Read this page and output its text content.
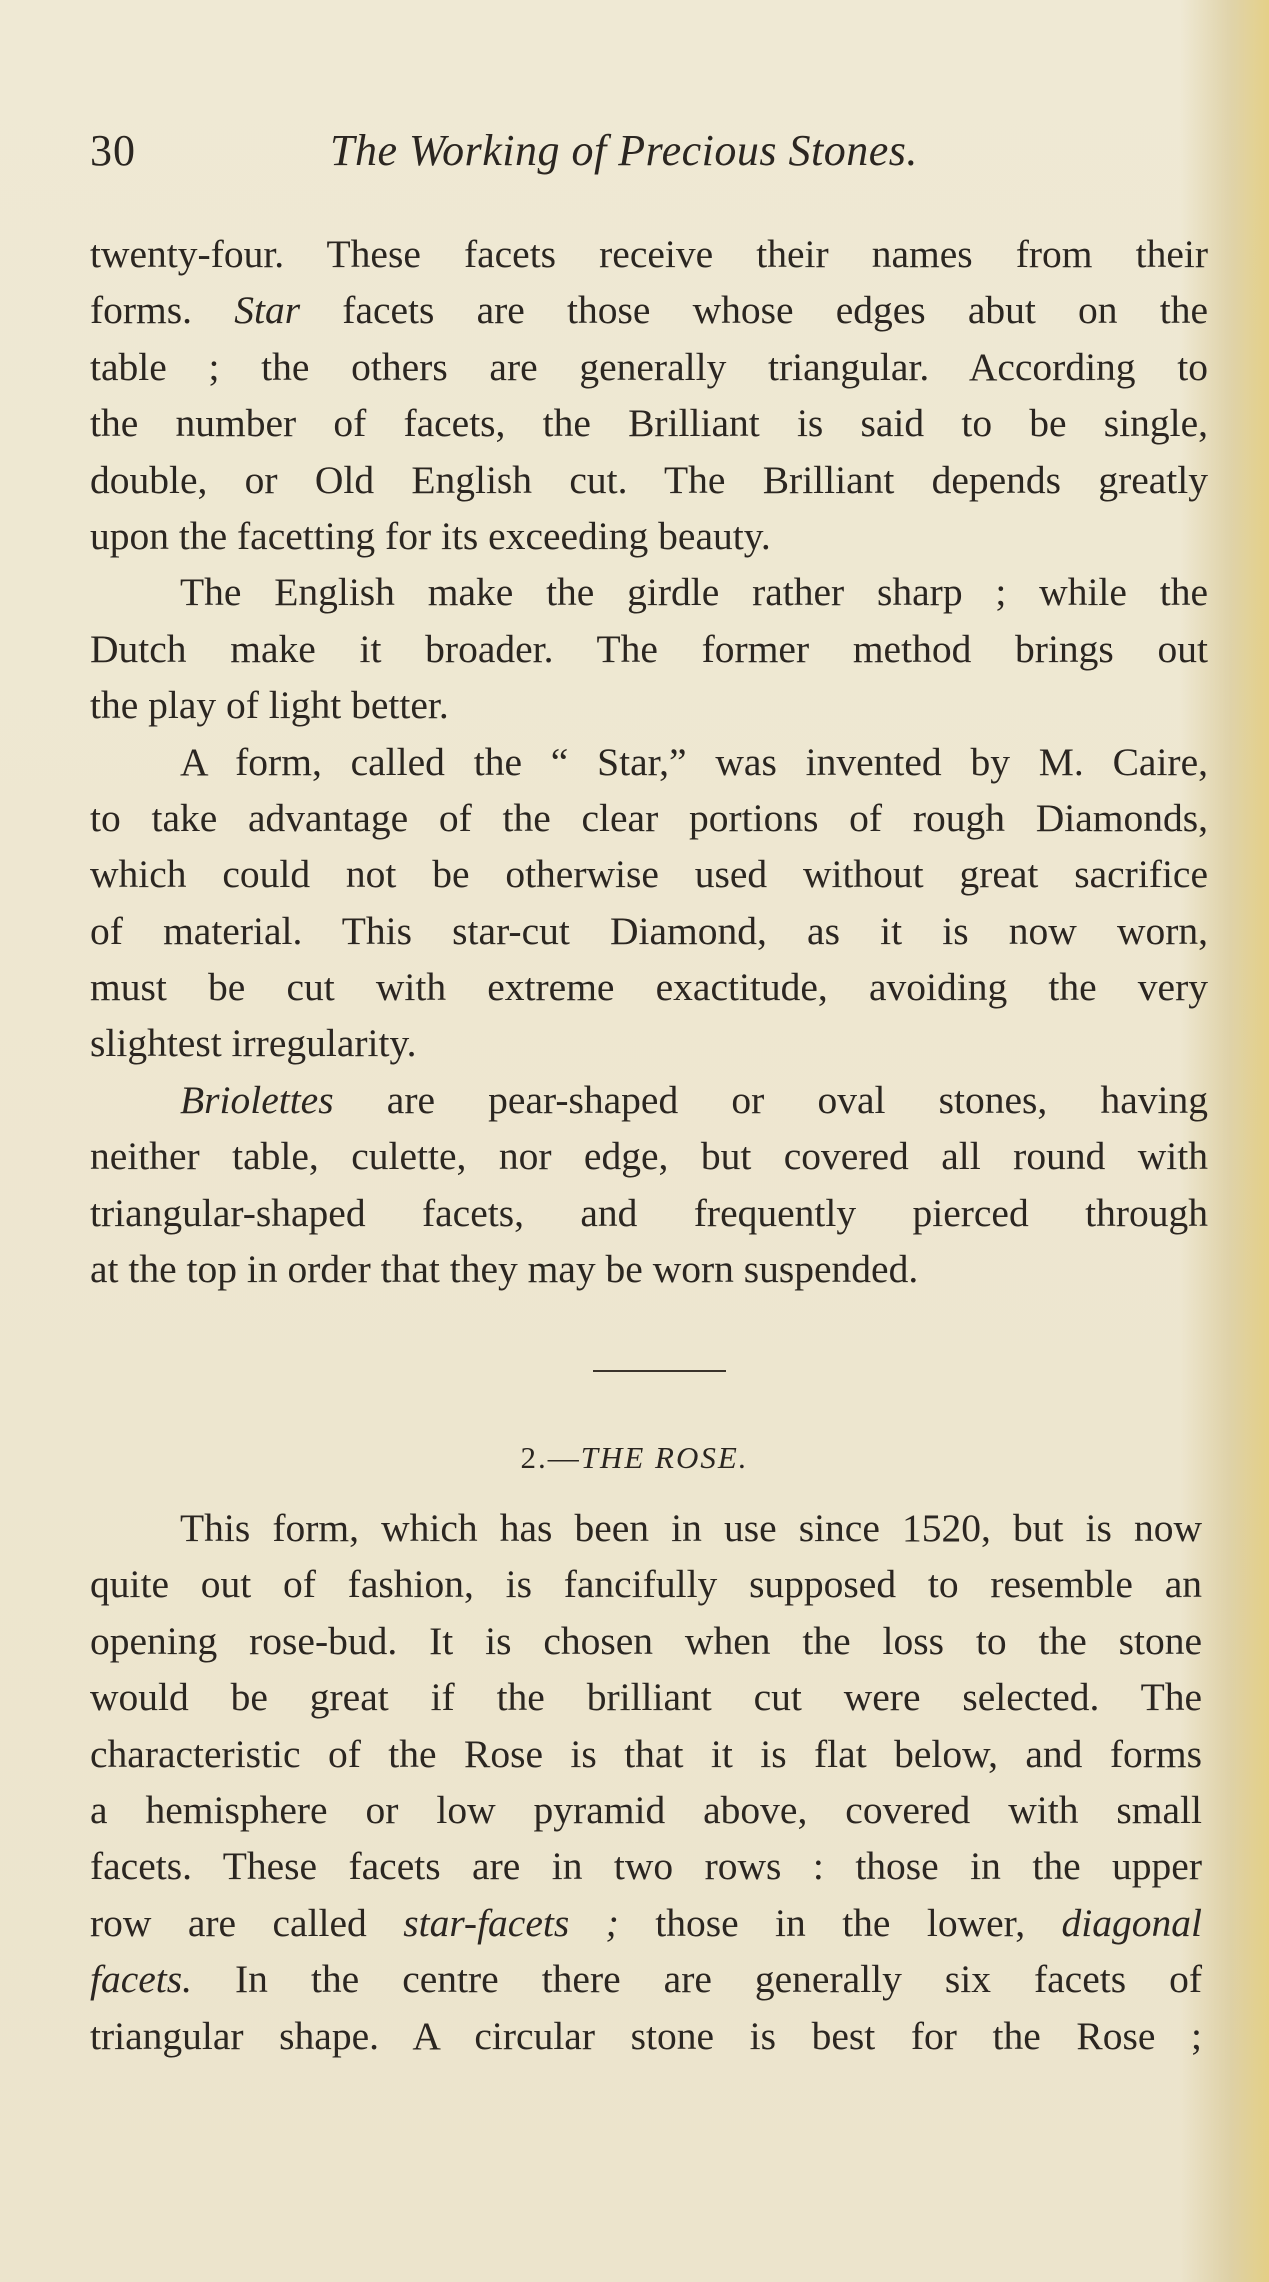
30	The Working of Precious Stones.
twenty-four. These facets receive their names from their
forms. Star facets are those whose edges abut on the
table ; the others are generally triangular. According to
the number of facets, the Brilliant is said to be single,
double, or Old English cut. The Brilliant depends greatly
upon the facetting for its exceeding beauty.
The English make the girdle rather sharp ; while the
Dutch make it broader. The former method brings out
the play of light better.
A form, called the “ Star,” was invented by M. Caire,
to take advantage of the clear portions of rough Diamonds,
which could not be otherwise used without great sacrifice
of material. This star-cut Diamond, as it is now worn,
must be cut with extreme exactitude, avoiding the very
slightest irregularity.
Briolettes are pear-shaped or oval stones, having
neither table, culette, nor edge, but covered all round with
triangular-shaped facets, and frequently pierced through
at the top in order that they may be worn suspended.
2.—THE ROSE.
This form, which has been in use since 1520, but is now
quite out of fashion, is fancifully supposed to resemble an
opening rose-bud. It is chosen when the loss to the stone
would be great if the brilliant cut were selected. The
characteristic of the Rose is that it is flat below, and forms
a hemisphere or low pyramid above, covered with small
facets. These facets are in two rows : those in the upper
row are called star-facets ; those in the lower, diagonal
facets. In the centre there are generally six facets of
triangular shape. A circular stone is best for the Rose ;
